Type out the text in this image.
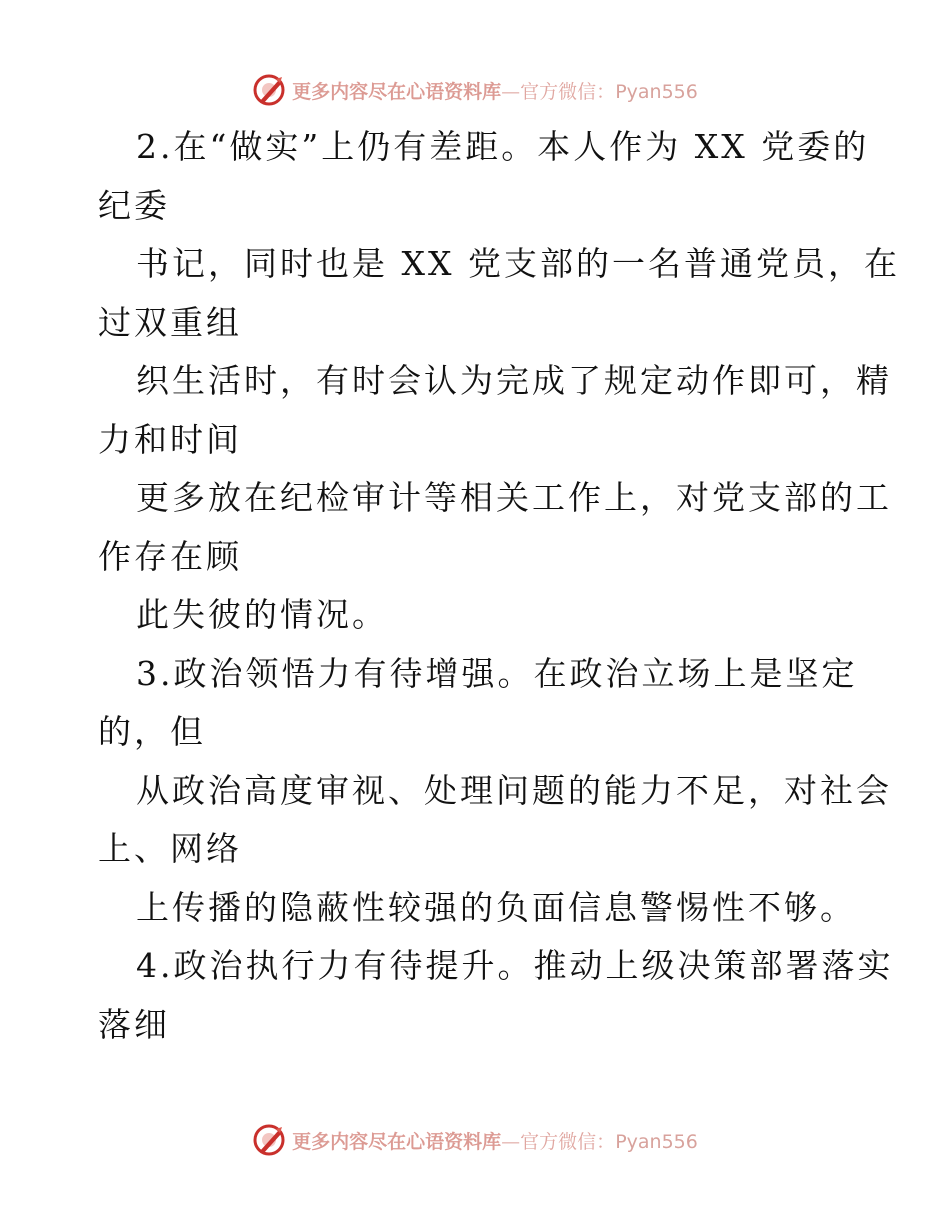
更多内容尽在心语资料库—官方微信：Pyan556
2.在“做实”上仍有差距。本人作为 XX 党委的
纪委
书记，同时也是 XX 党支部的一名普通党员，在
过双重组
织生活时，有时会认为完成了规定动作即可，精
力和时间
更多放在纪检审计等相关工作上，对党支部的工
作存在顾
此失彼的情况。
3.政治领悟力有待增强。在政治立场上是坚定
的，但
从政治高度审视、处理问题的能力不足，对社会
上、网络
上传播的隐蔽性较强的负面信息警惕性不够。
4.政治执行力有待提升。推动上级决策部署落实
落细
更多内容尽在心语资料库—官方微信：Pyan556
